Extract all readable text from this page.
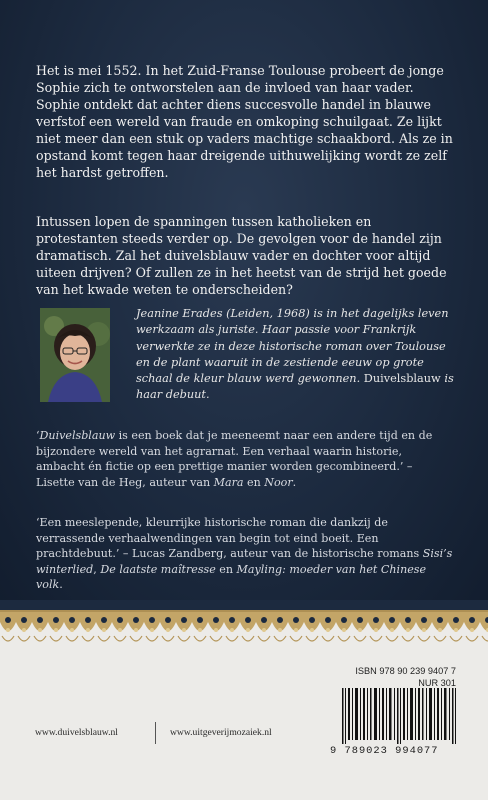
Het is mei 1552. In het Zuid-Franse Toulouse probeert de jonge Sophie zich te ontworstelen aan de invloed van haar vader. Sophie ontdekt dat achter diens succesvolle handel in blauwe verfstof een wereld van fraude en omkoping schuilgaat. Ze lijkt niet meer dan een stuk op vaders machtige schaakbord. Als ze in opstand komt tegen haar dreigende uithuwelijking wordt ze zelf het hardst getroffen.

Intussen lopen de spanningen tussen katholieken en protestanten steeds verder op. De gevolgen voor de handel zijn dramatisch. Zal het duivelsblauw vader en dochter voor altijd uiteen drijven? Of zullen ze in het heetst van de strijd het goede van het kwade weten te onderscheiden?

Jeanine Erades (Leiden, 1968) is in het dagelijks leven werkzaam als juriste. Haar passie voor Frankrijk verwerkte ze in deze historische roman over Toulouse en de plant waaruit in de zestiende eeuw op grote schaal de kleur blauw werd gewonnen. Duivelsblauw is haar debuut.

‘Duivelsblauw is een boek dat je meeneemt naar een andere tijd en de bijzondere wereld van het agrarnat. Een verhaal waarin historie, ambacht én fictie op een prettige manier worden gecombineerd.’ – Lisette van de Heg, auteur van Mara en Noor.

‘Een meeslepende, kleurrijke historische roman die dankzij de verrassende verhaalwendingen van begin tot eind boeit. Een prachtdebuut.’ – Lucas Zandberg, auteur van de historische romans Sisi’s winterlied, De laatste maîtresse en Mayling: moeder van het Chinese volk.

ISBN 978 90 239 9407 7
NUR 301
9 789023 994077
www.duivelsblauw.nl	www.uitgeverijmozaiek.nl
